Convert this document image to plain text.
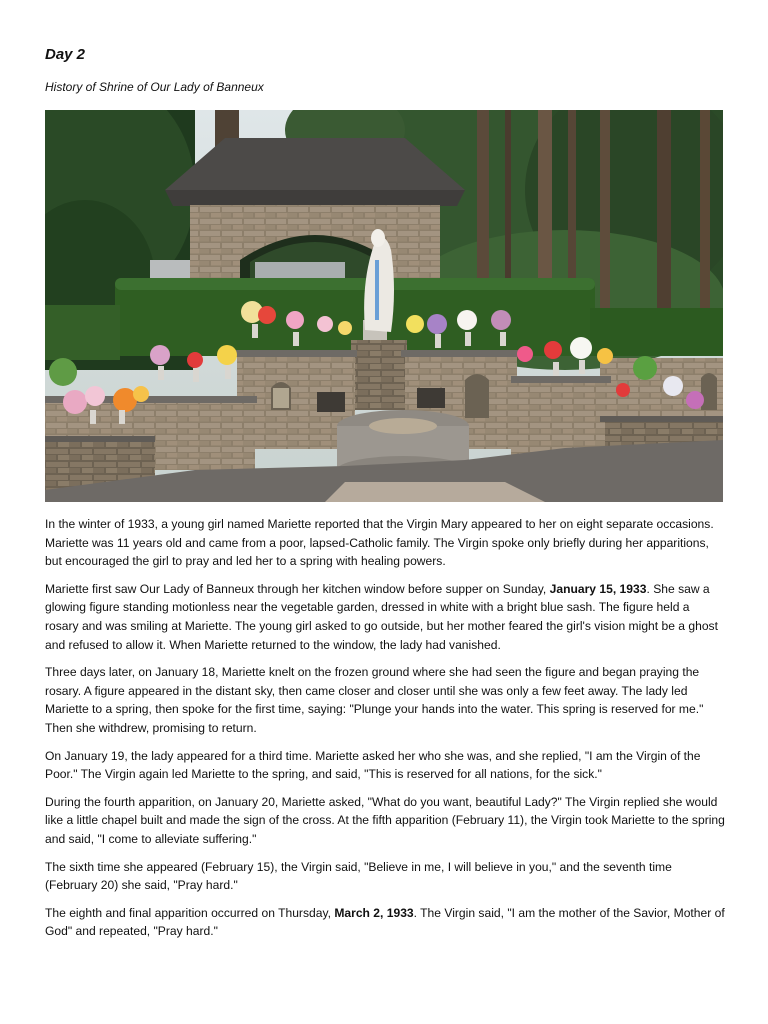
Day 2
History of Shrine of Our Lady of Banneux

In the winter of 1933, a young girl named Mariette reported that the Virgin Mary appeared to her on eight separate occasions. Mariette was 11 years old and came from a poor, lapsed-Catholic family. The Virgin spoke only briefly during her apparitions, but encouraged the girl to pray and led her to a spring with healing powers.

Mariette first saw Our Lady of Banneux through her kitchen window before supper on Sunday, January 15, 1933. She saw a glowing figure standing motionless near the vegetable garden, dressed in white with a bright blue sash. The figure held a rosary and was smiling at Mariette. The young girl asked to go outside, but her mother feared the girl's vision might be a ghost and refused to allow it. When Mariette returned to the window, the lady had vanished.

Three days later, on January 18, Mariette knelt on the frozen ground where she had seen the figure and began praying the rosary. A figure appeared in the distant sky, then came closer and closer until she was only a few feet away. The lady led Mariette to a spring, then spoke for the first time, saying: "Plunge your hands into the water. This spring is reserved for me." Then she withdrew, promising to return.

On January 19, the lady appeared for a third time. Mariette asked her who she was, and she replied, "I am the Virgin of the Poor." The Virgin again led Mariette to the spring, and said, "This is reserved for all nations, for the sick."

During the fourth apparition, on January 20, Mariette asked, "What do you want, beautiful Lady?" The Virgin replied she would like a little chapel built and made the sign of the cross. At the fifth apparition (February 11), the Virgin took Mariette to the spring and said, "I come to alleviate suffering."

The sixth time she appeared (February 15), the Virgin said, "Believe in me, I will believe in you," and the seventh time (February 20) she said, "Pray hard."

The eighth and final apparition occurred on Thursday, March 2, 1933. The Virgin said, "I am the mother of the Savior, Mother of God" and repeated, "Pray hard."
